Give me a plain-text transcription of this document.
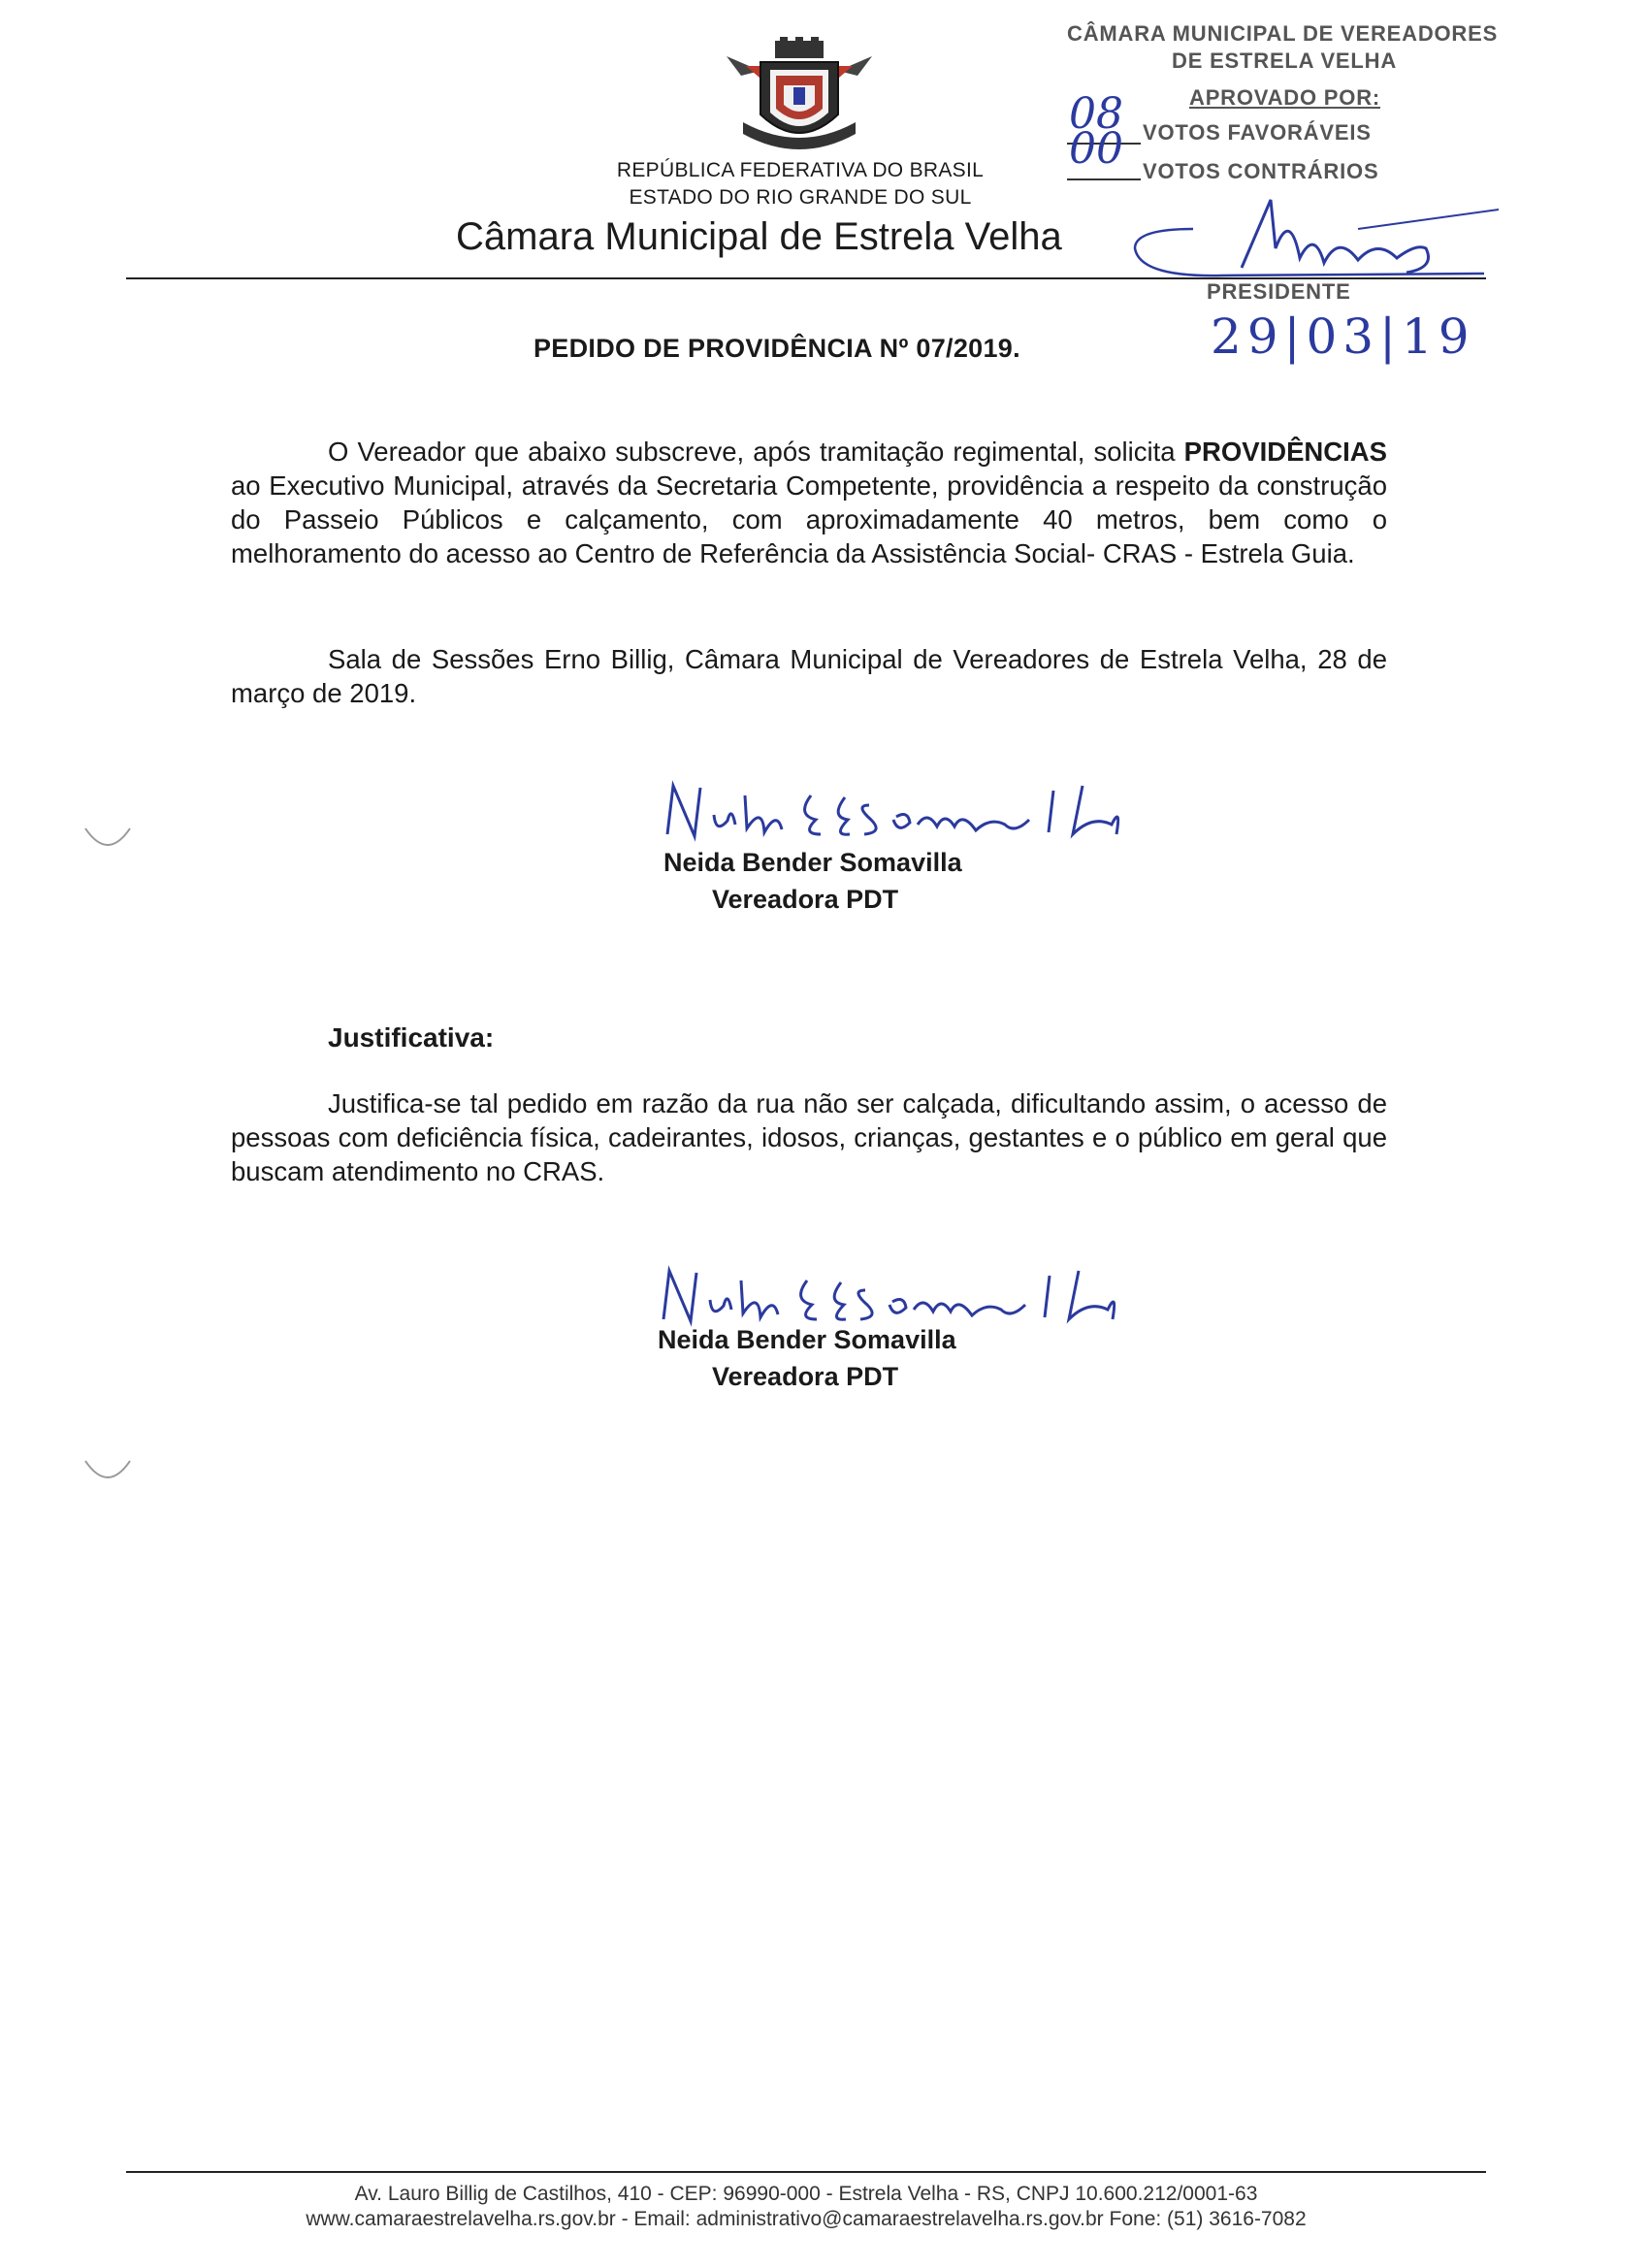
REPÚBLICA FEDERATIVA DO BRASIL
ESTADO DO RIO GRANDE DO SUL
Câmara Municipal de Estrela Velha
CÂMARA MUNICIPAL DE VEREADORES
DE ESTRELA VELHA
APROVADO POR:
VOTOS FAVORÁVEIS
VOTOS CONTRÁRIOS
08
00
PRESIDENTE
29|03|19
PEDIDO DE PROVIDÊNCIA Nº 07/2019.
O Vereador que abaixo subscreve, após tramitação regimental, solicita PROVIDÊNCIAS ao Executivo Municipal, através da Secretaria Competente, providência a respeito da construção do Passeio Públicos e calçamento, com aproximadamente 40 metros, bem como o melhoramento do acesso ao Centro de Referência da Assistência Social- CRAS - Estrela Guia.
Sala de Sessões Erno Billig, Câmara Municipal de Vereadores de Estrela Velha, 28 de março de 2019.
Neida Bender Somavilla
Vereadora PDT
Justificativa:
Justifica-se tal pedido em razão da rua não ser calçada, dificultando assim, o acesso de pessoas com deficiência física, cadeirantes, idosos, crianças, gestantes e o público em geral que buscam atendimento no CRAS.
Neida Bender Somavilla
Vereadora PDT
Av. Lauro Billig de Castilhos, 410 - CEP: 96990-000 - Estrela Velha - RS, CNPJ 10.600.212/0001-63
www.camaraestrelavelha.rs.gov.br - Email: administrativo@camaraestrelavelha.rs.gov.br Fone: (51) 3616-7082
